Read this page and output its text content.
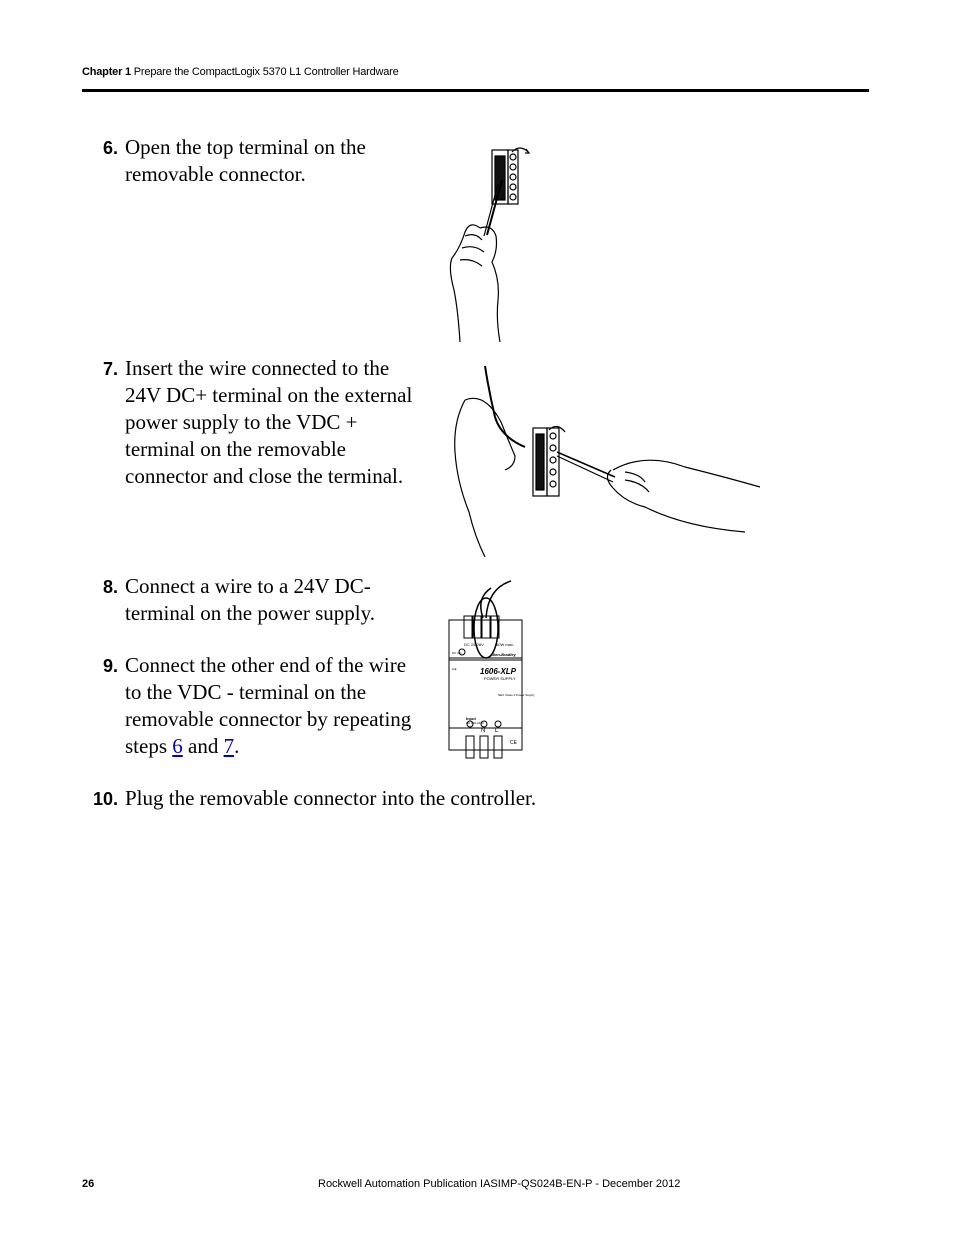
Chapter 1 Prepare the CompactLogix 5370 L1 Controller Hardware
6. Open the top terminal on the
removable connector.
7. Insert the wire connected to the
24V DC+ terminal on the external
power supply to the VDC +
terminal on the removable
connector and close the terminal.
8. Connect a wire to a 24V DC-
terminal on the power supply.
9. Connect the other end of the wire
to the VDC - terminal on the
removable connector by repeating
steps 6 and 7.
10. Plug the removable connector into the controller.
DC 24-28V	60W max.
DC OK
Adj.
Allen-Bradley
1606-XLP
POWER SUPPLY
NEC Class 2 Power Supply
Input
AC 100-240V
N L
CE
26	Rockwell Automation Publication IASIMP-QS024B-EN-P - December 2012
